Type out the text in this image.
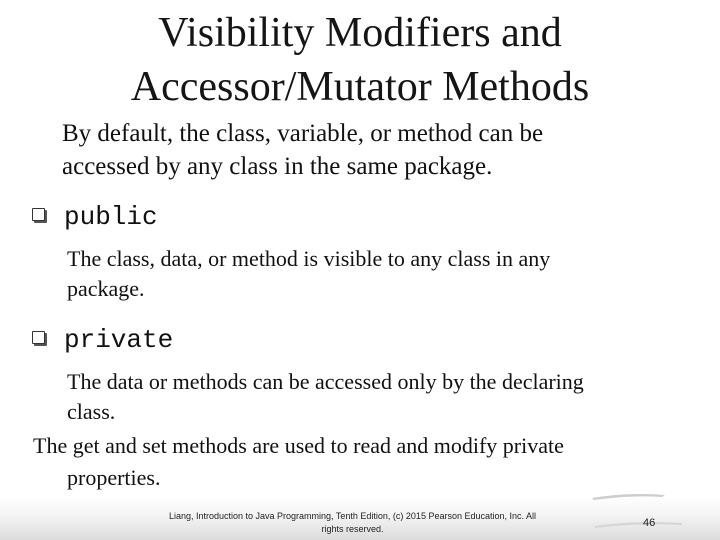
Visibility Modifiers and
Accessor/Mutator Methods
By default, the class, variable, or method can be
accessed by any class in the same package.
public
The class, data, or method is visible to any class in any
package.
private
The data or methods can be accessed only by the declaring
class.
The get and set methods are used to read and modify private
properties.
Liang, Introduction to Java Programming, Tenth Edition, (c) 2015 Pearson Education, Inc. All
rights reserved.	46
